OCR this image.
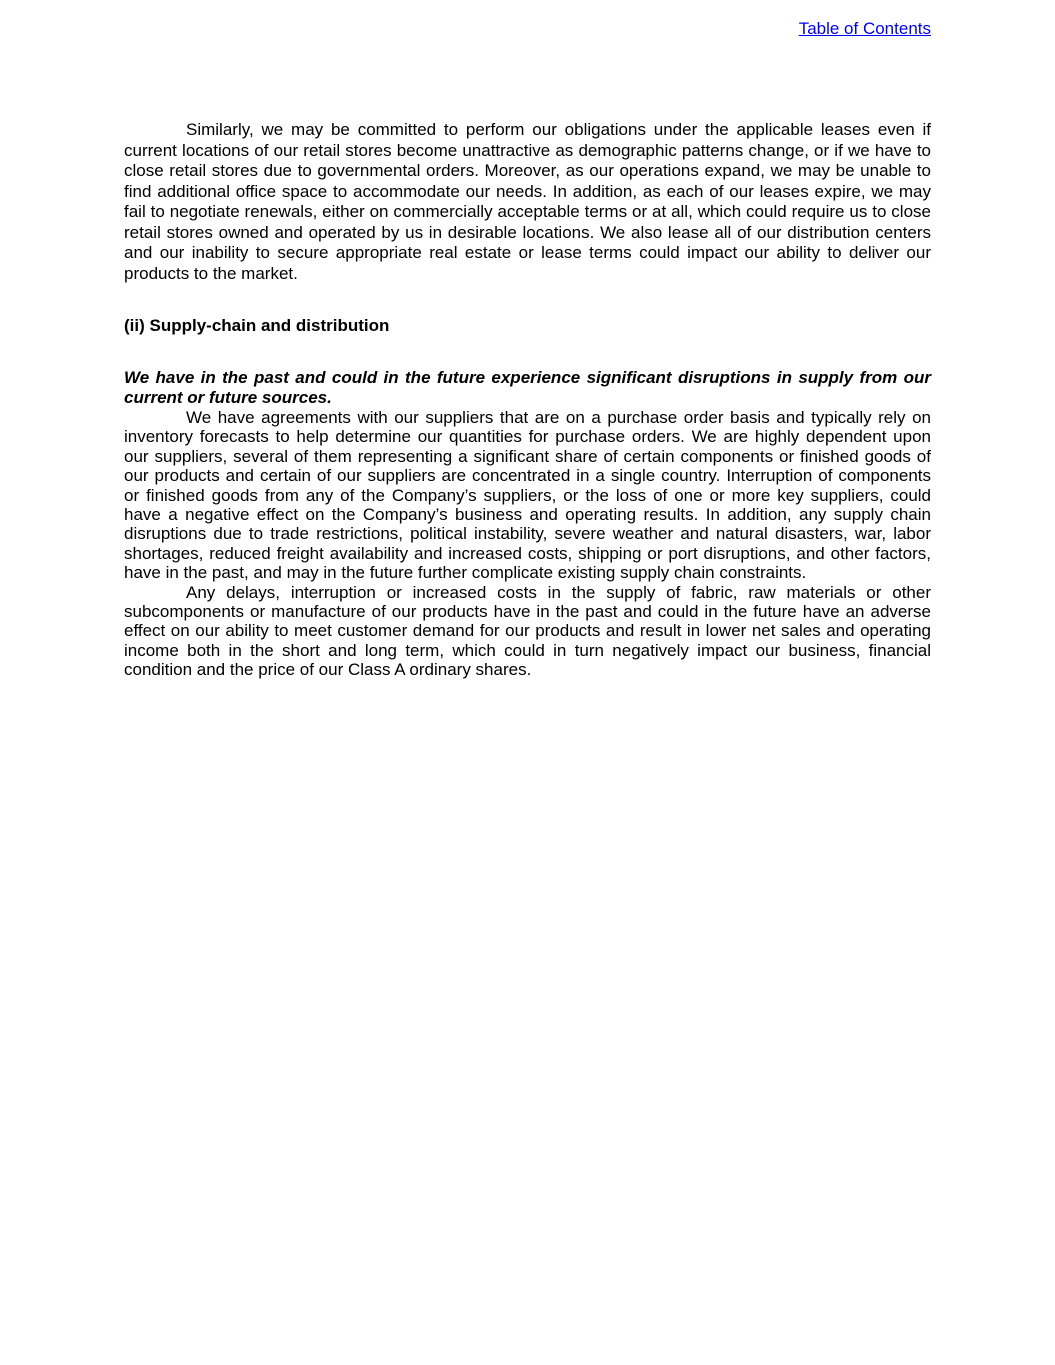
Table of Contents

Similarly, we may be committed to perform our obligations under the applicable leases even if current locations of our retail stores become unattractive as demographic patterns change, or if we have to close retail stores due to governmental orders. Moreover, as our operations expand, we may be unable to find additional office space to accommodate our needs. In addition, as each of our leases expire, we may fail to negotiate renewals, either on commercially acceptable terms or at all, which could require us to close retail stores owned and operated by us in desirable locations. We also lease all of our distribution centers and our inability to secure appropriate real estate or lease terms could impact our ability to deliver our products to the market.

(ii) Supply-chain and distribution

We have in the past and could in the future experience significant disruptions in supply from our current or future sources.

We have agreements with our suppliers that are on a purchase order basis and typically rely on inventory forecasts to help determine our quantities for purchase orders. We are highly dependent upon our suppliers, several of them representing a significant share of certain components or finished goods of our products and certain of our suppliers are concentrated in a single country. Interruption of components or finished goods from any of the Company’s suppliers, or the loss of one or more key suppliers, could have a negative effect on the Company’s business and operating results. In addition, any supply chain disruptions due to trade restrictions, political instability, severe weather and natural disasters, war, labor shortages, reduced freight availability and increased costs, shipping or port disruptions, and other factors, have in the past, and may in the future further complicate existing supply chain constraints.

Any delays, interruption or increased costs in the supply of fabric, raw materials or other subcomponents or manufacture of our products have in the past and could in the future have an adverse effect on our ability to meet customer demand for our products and result in lower net sales and operating income both in the short and long term, which could in turn negatively impact our business, financial condition and the price of our Class A ordinary shares.
